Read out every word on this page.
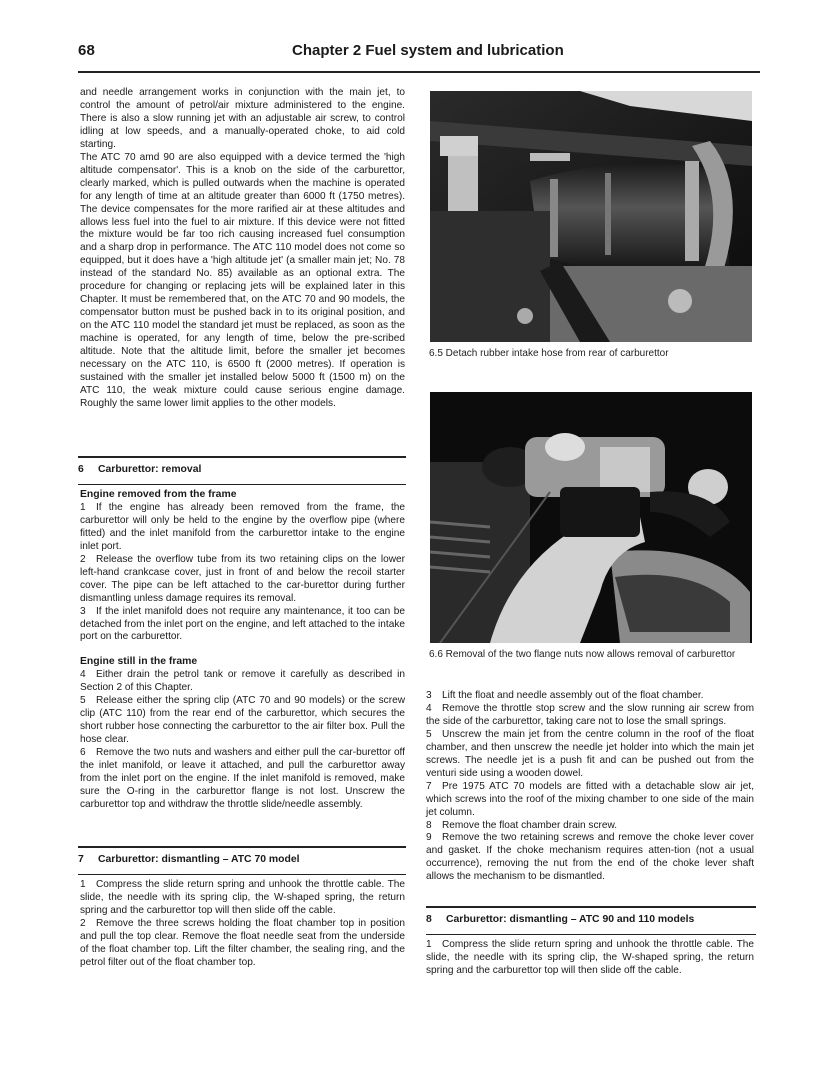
68	Chapter 2 Fuel system and lubrication

and needle arrangement works in conjunction with the main jet, to control the amount of petrol/air mixture administered to the engine. There is also a slow running jet with an adjustable air screw, to control idling at low speeds, and a manually-operated choke, to aid cold starting.

The ATC 70 amd 90 are also equipped with a device termed the 'high altitude compensator'. This is a knob on the side of the carburettor, clearly marked, which is pulled outwards when the machine is operated for any length of time at an altitude greater than 6000 ft (1750 metres). The device compensates for the more rarified air at these altitudes and allows less fuel into the fuel to air mixture. If this device were not fitted the mixture would be far too rich causing increased fuel consumption and a sharp drop in performance. The ATC 110 model does not come so equipped, but it does have a 'high altitude jet' (a smaller main jet; No. 78 instead of the standard No. 85) available as an optional extra. The procedure for changing or replacing jets will be explained later in this Chapter. It must be remembered that, on the ATC 70 and 90 models, the compensator button must be pushed back in to its original position, and on the ATC 110 model the standard jet must be replaced, as soon as the machine is operated, for any length of time, below the pre-scribed altitude. Note that the altitude limit, before the smaller jet becomes necessary on the ATC 110, is 6500 ft (2000 metres). If operation is sustained with the smaller jet installed below 5000 ft (1500 m) on the ATC 110, the weak mixture could cause serious engine damage. Roughly the same lower limit applies to the other models.

6 Carburettor: removal

Engine removed from the frame

1 If the engine has already been removed from the frame, the carburettor will only be held to the engine by the overflow pipe (where fitted) and the inlet manifold from the carburettor intake to the engine inlet port.

2 Release the overflow tube from its two retaining clips on the lower left-hand crankcase cover, just in front of and below the recoil starter cover. The pipe can be left attached to the car-burettor during further dismantling unless damage requires its removal.

3 If the inlet manifold does not require any maintenance, it too can be detached from the inlet port on the engine, and left attached to the intake port on the carburettor.

Engine still in the frame

4 Either drain the petrol tank or remove it carefully as described in Section 2 of this Chapter.

5 Release either the spring clip (ATC 70 and 90 models) or the screw clip (ATC 110) from the rear end of the carburettor, which secures the short rubber hose connecting the carburettor to the air filter box. Pull the hose clear.

6 Remove the two nuts and washers and either pull the car-burettor off the inlet manifold, or leave it attached, and pull the carburettor away from the inlet port on the engine. If the inlet manifold is removed, make sure the O-ring in the carburettor flange is not lost. Unscrew the carburettor top and withdraw the throttle slide/needle assembly.

7 Carburettor: dismantling – ATC 70 model

1 Compress the slide return spring and unhook the throttle cable. The slide, the needle with its spring clip, the W-shaped spring, the return spring and the carburettor top will then slide off the cable.

2 Remove the three screws holding the float chamber top in position and pull the top clear. Remove the float needle seat from the underside of the float chamber top. Lift the filter chamber, the sealing ring, and the petrol filter out of the float chamber top.

6.5 Detach rubber intake hose from rear of carburettor
6.6 Removal of the two flange nuts now allows removal of carburettor

3 Lift the float and needle assembly out of the float chamber.

4 Remove the throttle stop screw and the slow running air screw from the side of the carburettor, taking care not to lose the small springs.

5 Unscrew the main jet from the centre column in the roof of the float chamber, and then unscrew the needle jet holder into which the main jet screws. The needle jet is a push fit and can be pushed out from the venturi side using a wooden dowel.

7 Pre 1975 ATC 70 models are fitted with a detachable slow air jet, which screws into the roof of the mixing chamber to one side of the main jet column.

8 Remove the float chamber drain screw.

9 Remove the two retaining screws and remove the choke lever cover and gasket. If the choke mechanism requires atten-tion (not a usual occurrence), removing the nut from the end of the choke lever shaft allows the mechanism to be dismantled.

8 Carburettor: dismantling – ATC 90 and 110 models

1 Compress the slide return spring and unhook the throttle cable. The slide, the needle with its spring clip, the W-shaped spring, the return spring and the carburettor top will then slide off the cable.
